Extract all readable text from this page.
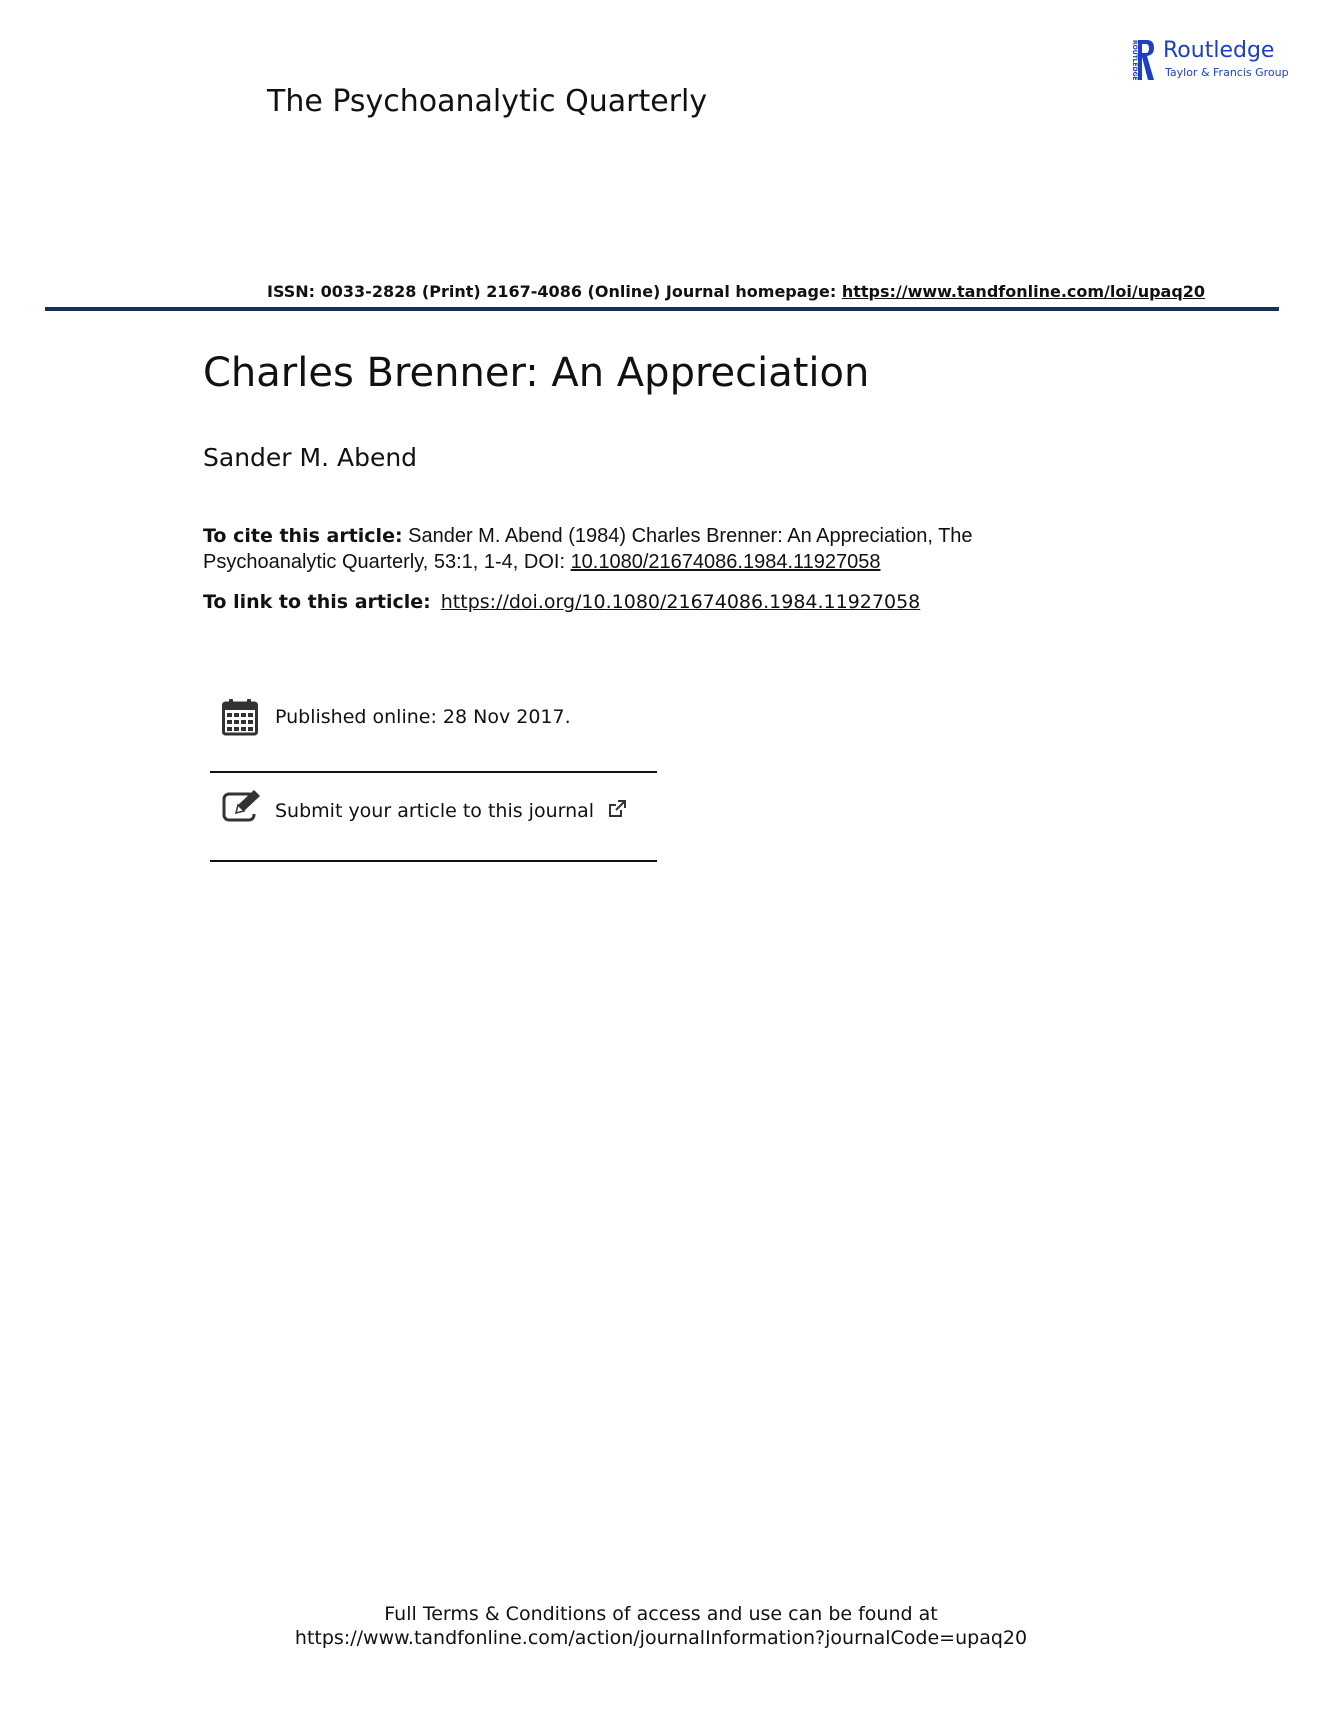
The Psychoanalytic Quarterly
ROUTLEDGE Routledge
Taylor & Francis Group
ISSN: 0033-2828 (Print) 2167-4086 (Online) Journal homepage: https://www.tandfonline.com/loi/upaq20
Charles Brenner: An Appreciation
Sander M. Abend
To cite this article: Sander M. Abend (1984) Charles Brenner: An Appreciation, The Psychoanalytic Quarterly, 53:1, 1-4, DOI: 10.1080/21674086.1984.11927058
To link to this article: https://doi.org/10.1080/21674086.1984.11927058
Published online: 28 Nov 2017.
Submit your article to this journal
Full Terms & Conditions of access and use can be found at
https://www.tandfonline.com/action/journalInformation?journalCode=upaq20
